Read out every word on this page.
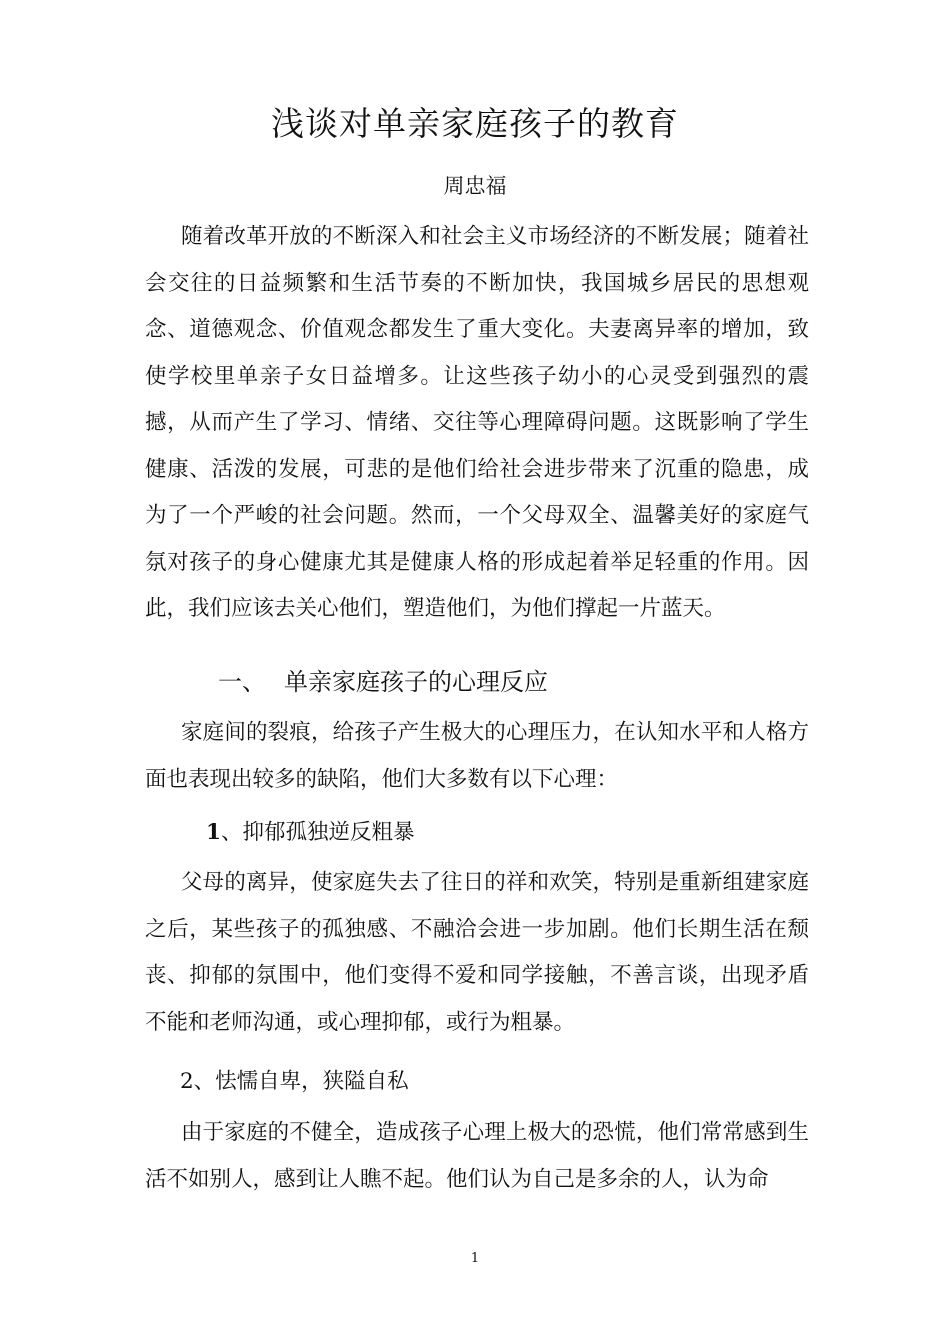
浅谈对单亲家庭孩子的教育
周忠福

随着改革开放的不断深入和社会主义市场经济的不断发展；随着社会交往的日益频繁和生活节奏的不断加快，我国城乡居民的思想观念、道德观念、价值观念都发生了重大变化。夫妻离异率的增加，致使学校里单亲子女日益增多。让这些孩子幼小的心灵受到强烈的震撼，从而产生了学习、情绪、交往等心理障碍问题。这既影响了学生健康、活泼的发展，可悲的是他们给社会进步带来了沉重的隐患，成为了一个严峻的社会问题。然而，一个父母双全、温馨美好的家庭气氛对孩子的身心健康尤其是健康人格的形成起着举足轻重的作用。因此，我们应该去关心他们，塑造他们，为他们撑起一片蓝天。

一、 单亲家庭孩子的心理反应

家庭间的裂痕，给孩子产生极大的心理压力，在认知水平和人格方面也表现出较多的缺陷，他们大多数有以下心理：

1、抑郁孤独逆反粗暴

父母的离异，使家庭失去了往日的祥和欢笑，特别是重新组建家庭之后，某些孩子的孤独感、不融洽会进一步加剧。他们长期生活在颓丧、抑郁的氛围中，他们变得不爱和同学接触，不善言谈，出现矛盾不能和老师沟通，或心理抑郁，或行为粗暴。

2、怯懦自卑，狭隘自私

由于家庭的不健全，造成孩子心理上极大的恐慌，他们常常感到生活不如别人，感到让人瞧不起。他们认为自己是多余的人，认为命

1
